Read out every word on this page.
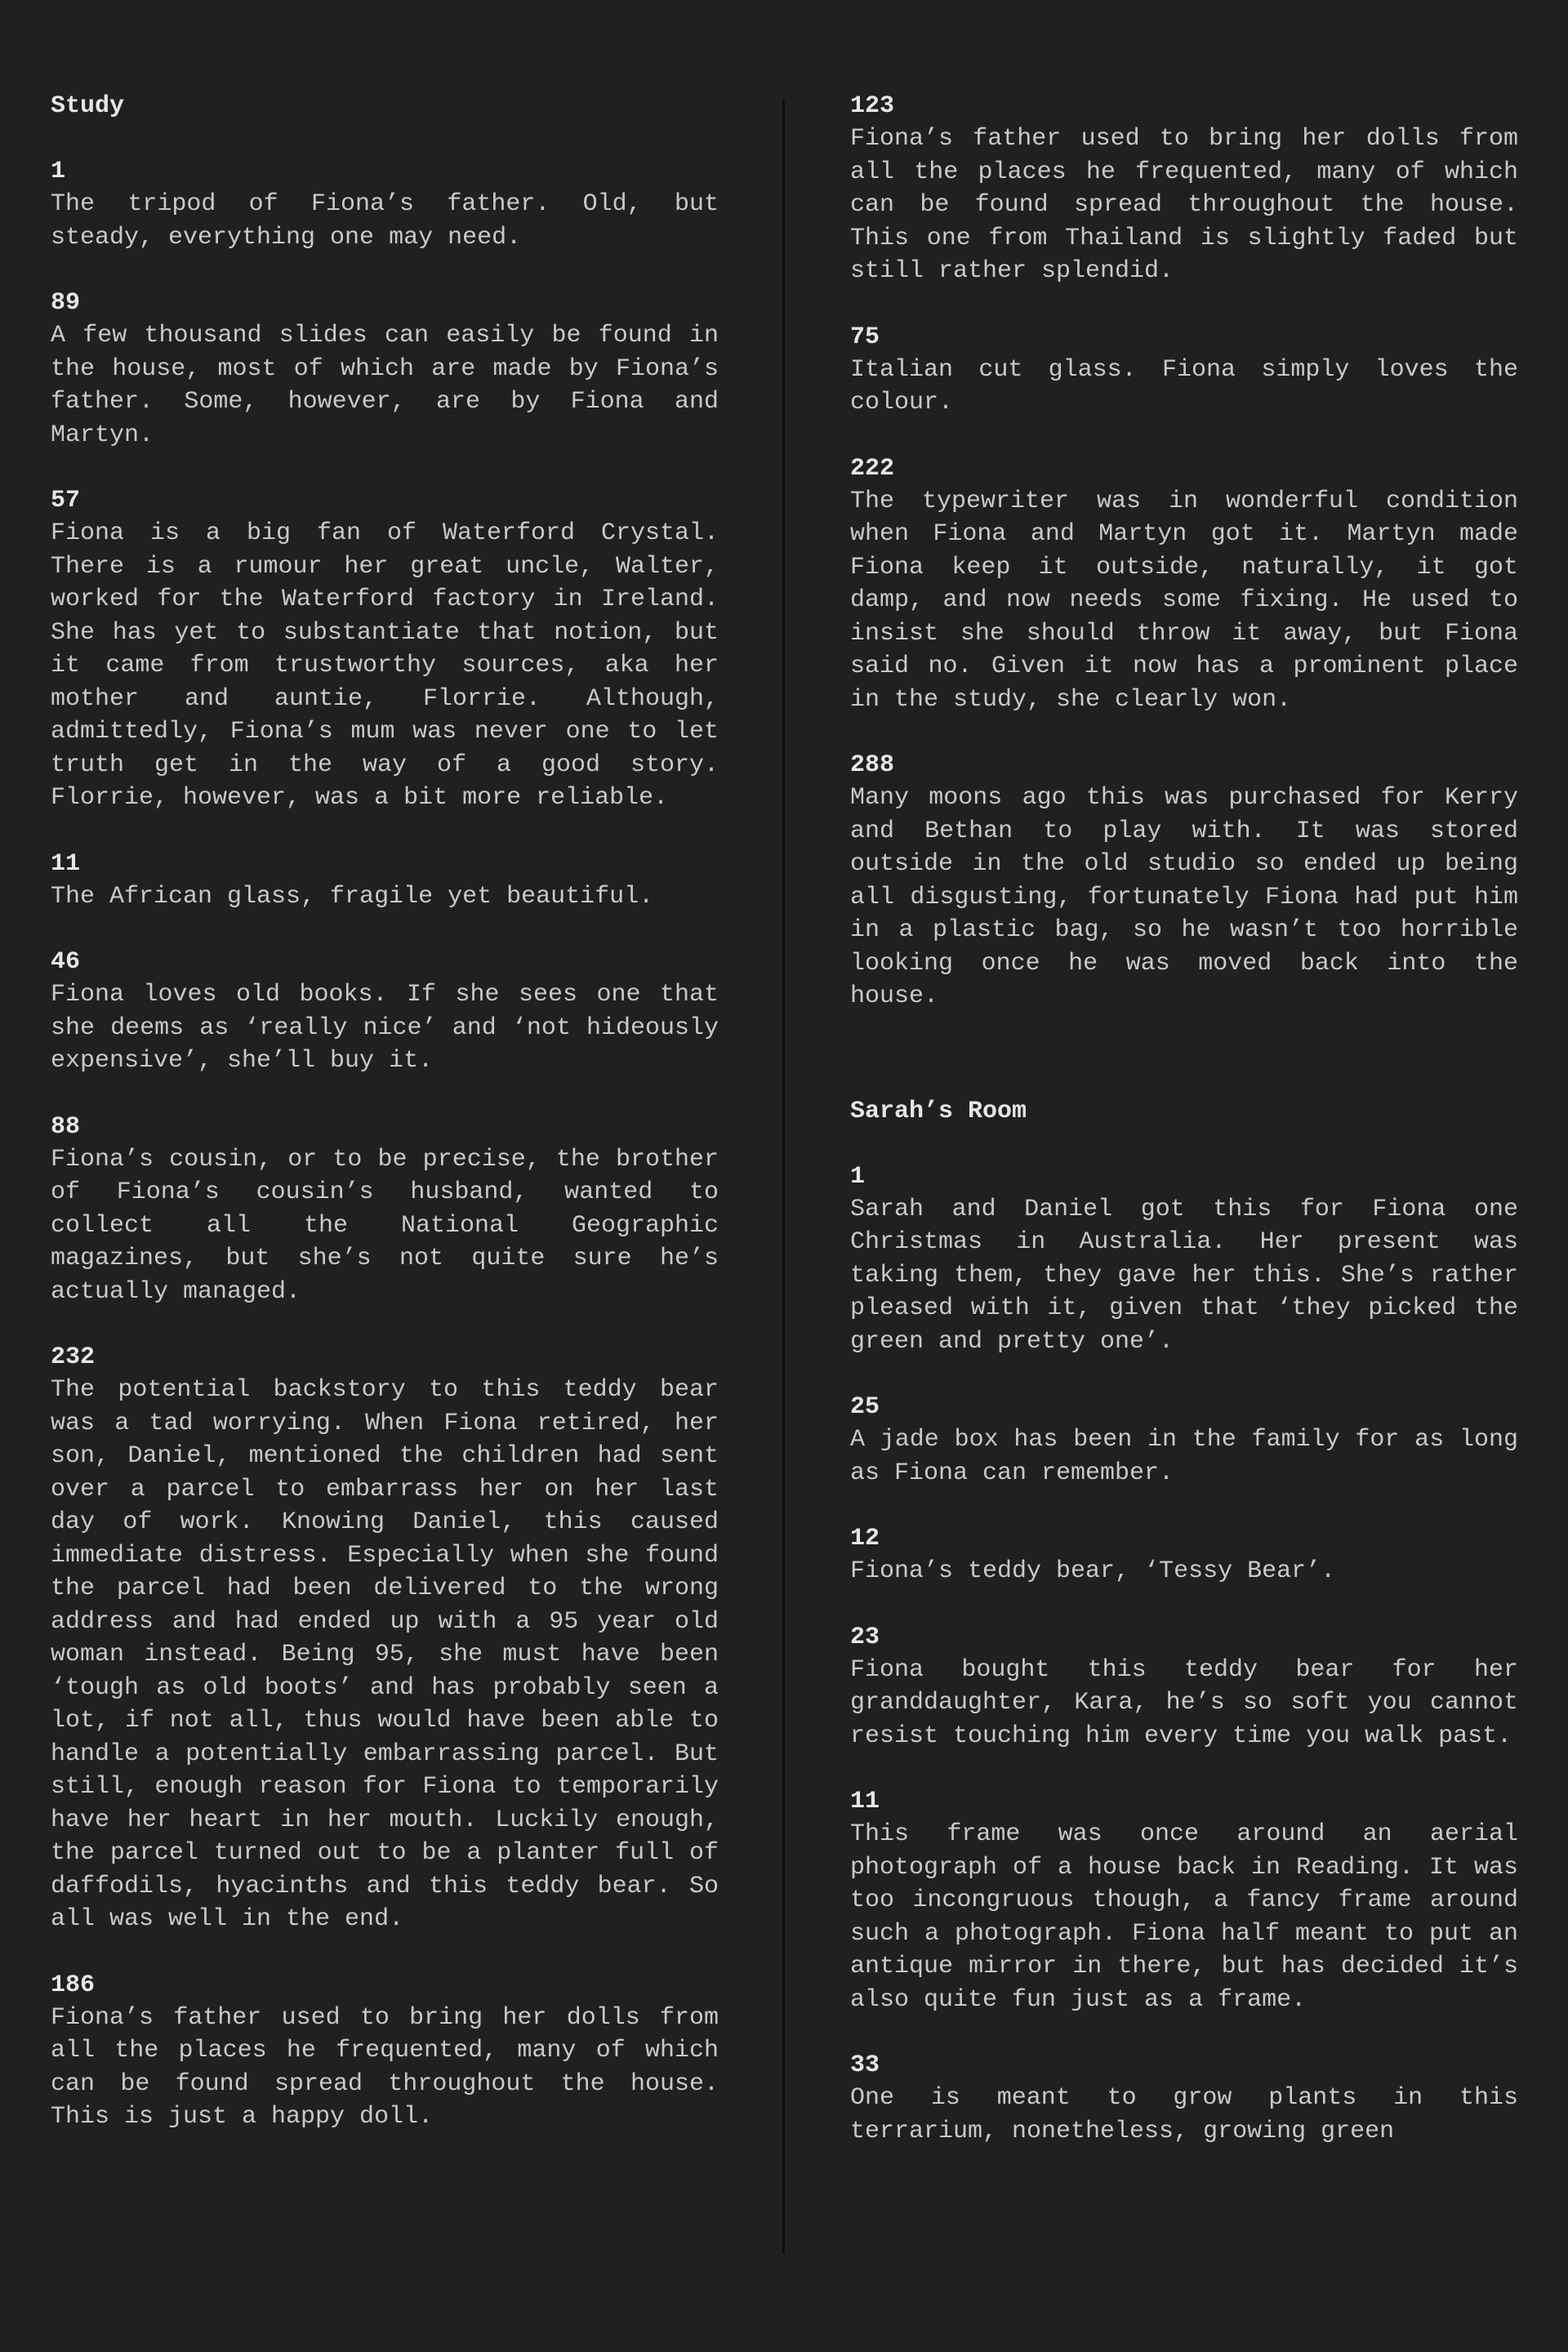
Study
1

The tripod of Fiona’s father. Old, but steady, everything one may need.

89

A few thousand slides can easily be found in the house, most of which are made by Fiona’s father. Some, however, are by Fiona and Martyn.

57

Fiona is a big fan of Waterford Crystal. There is a rumour her great uncle, Walter, worked for the Waterford factory in Ireland. She has yet to substantiate that notion, but it came from trustworthy sources, aka her mother and auntie, Florrie. Although, admittedly, Fiona’s mum was never one to let truth get in the way of a good story. Florrie, however, was a bit more reliable.

11

The African glass, fragile yet beautiful.

46

Fiona loves old books. If she sees one that she deems as ‘really nice’ and ‘not hideously expensive’, she’ll buy it.

88

Fiona’s cousin, or to be precise, the brother of Fiona’s cousin’s husband, wanted to collect all the National Geographic magazines, but she’s not quite sure he’s actually managed.

232

The potential backstory to this teddy bear was a tad worrying. When Fiona retired, her son, Daniel, mentioned the children had sent over a parcel to embarrass her on her last day of work. Knowing Daniel, this caused immediate distress. Especially when she found the parcel had been delivered to the wrong address and had ended up with a 95 year old woman instead. Being 95, she must have been ‘tough as old boots’ and has probably seen a lot, if not all, thus would have been able to handle a potentially embarrassing parcel. But still, enough reason for Fiona to temporarily have her heart in her mouth. Luckily enough, the parcel turned out to be a planter full of daffodils, hyacinths and this teddy bear. So all was well in the end.

186

Fiona’s father used to bring her dolls from all the places he frequented, many of which can be found spread throughout the house. This is just a happy doll.

123

Fiona’s father used to bring her dolls from all the places he frequented, many of which can be found spread throughout the house. This one from Thailand is slightly faded but still rather splendid.

75

Italian cut glass. Fiona simply loves the colour.

222

The typewriter was in wonderful condition when Fiona and Martyn got it. Martyn made Fiona keep it outside, naturally, it got damp, and now needs some fixing. He used to insist she should throw it away, but Fiona said no. Given it now has a prominent place in the study, she clearly won.

288

Many moons ago this was purchased for Kerry and Bethan to play with. It was stored outside in the old studio so ended up being all disgusting, fortunately Fiona had put him in a plastic bag, so he wasn’t too horrible looking once he was moved back into the house.

Sarah’s Room
1

Sarah and Daniel got this for Fiona one Christmas in Australia. Her present was taking them, they gave her this. She’s rather pleased with it, given that ‘they picked the green and pretty one’.

25

A jade box has been in the family for as long as Fiona can remember.

12

Fiona’s teddy bear, ‘Tessy Bear’.

23

Fiona bought this teddy bear for her granddaughter, Kara, he’s so soft you cannot resist touching him every time you walk past.

11

This frame was once around an aerial photograph of a house back in Reading. It was too incongruous though, a fancy frame around such a photograph. Fiona half meant to put an antique mirror in there, but has decided it’s also quite fun just as a frame.

33

One is meant to grow plants in this terrarium, nonetheless, growing green
